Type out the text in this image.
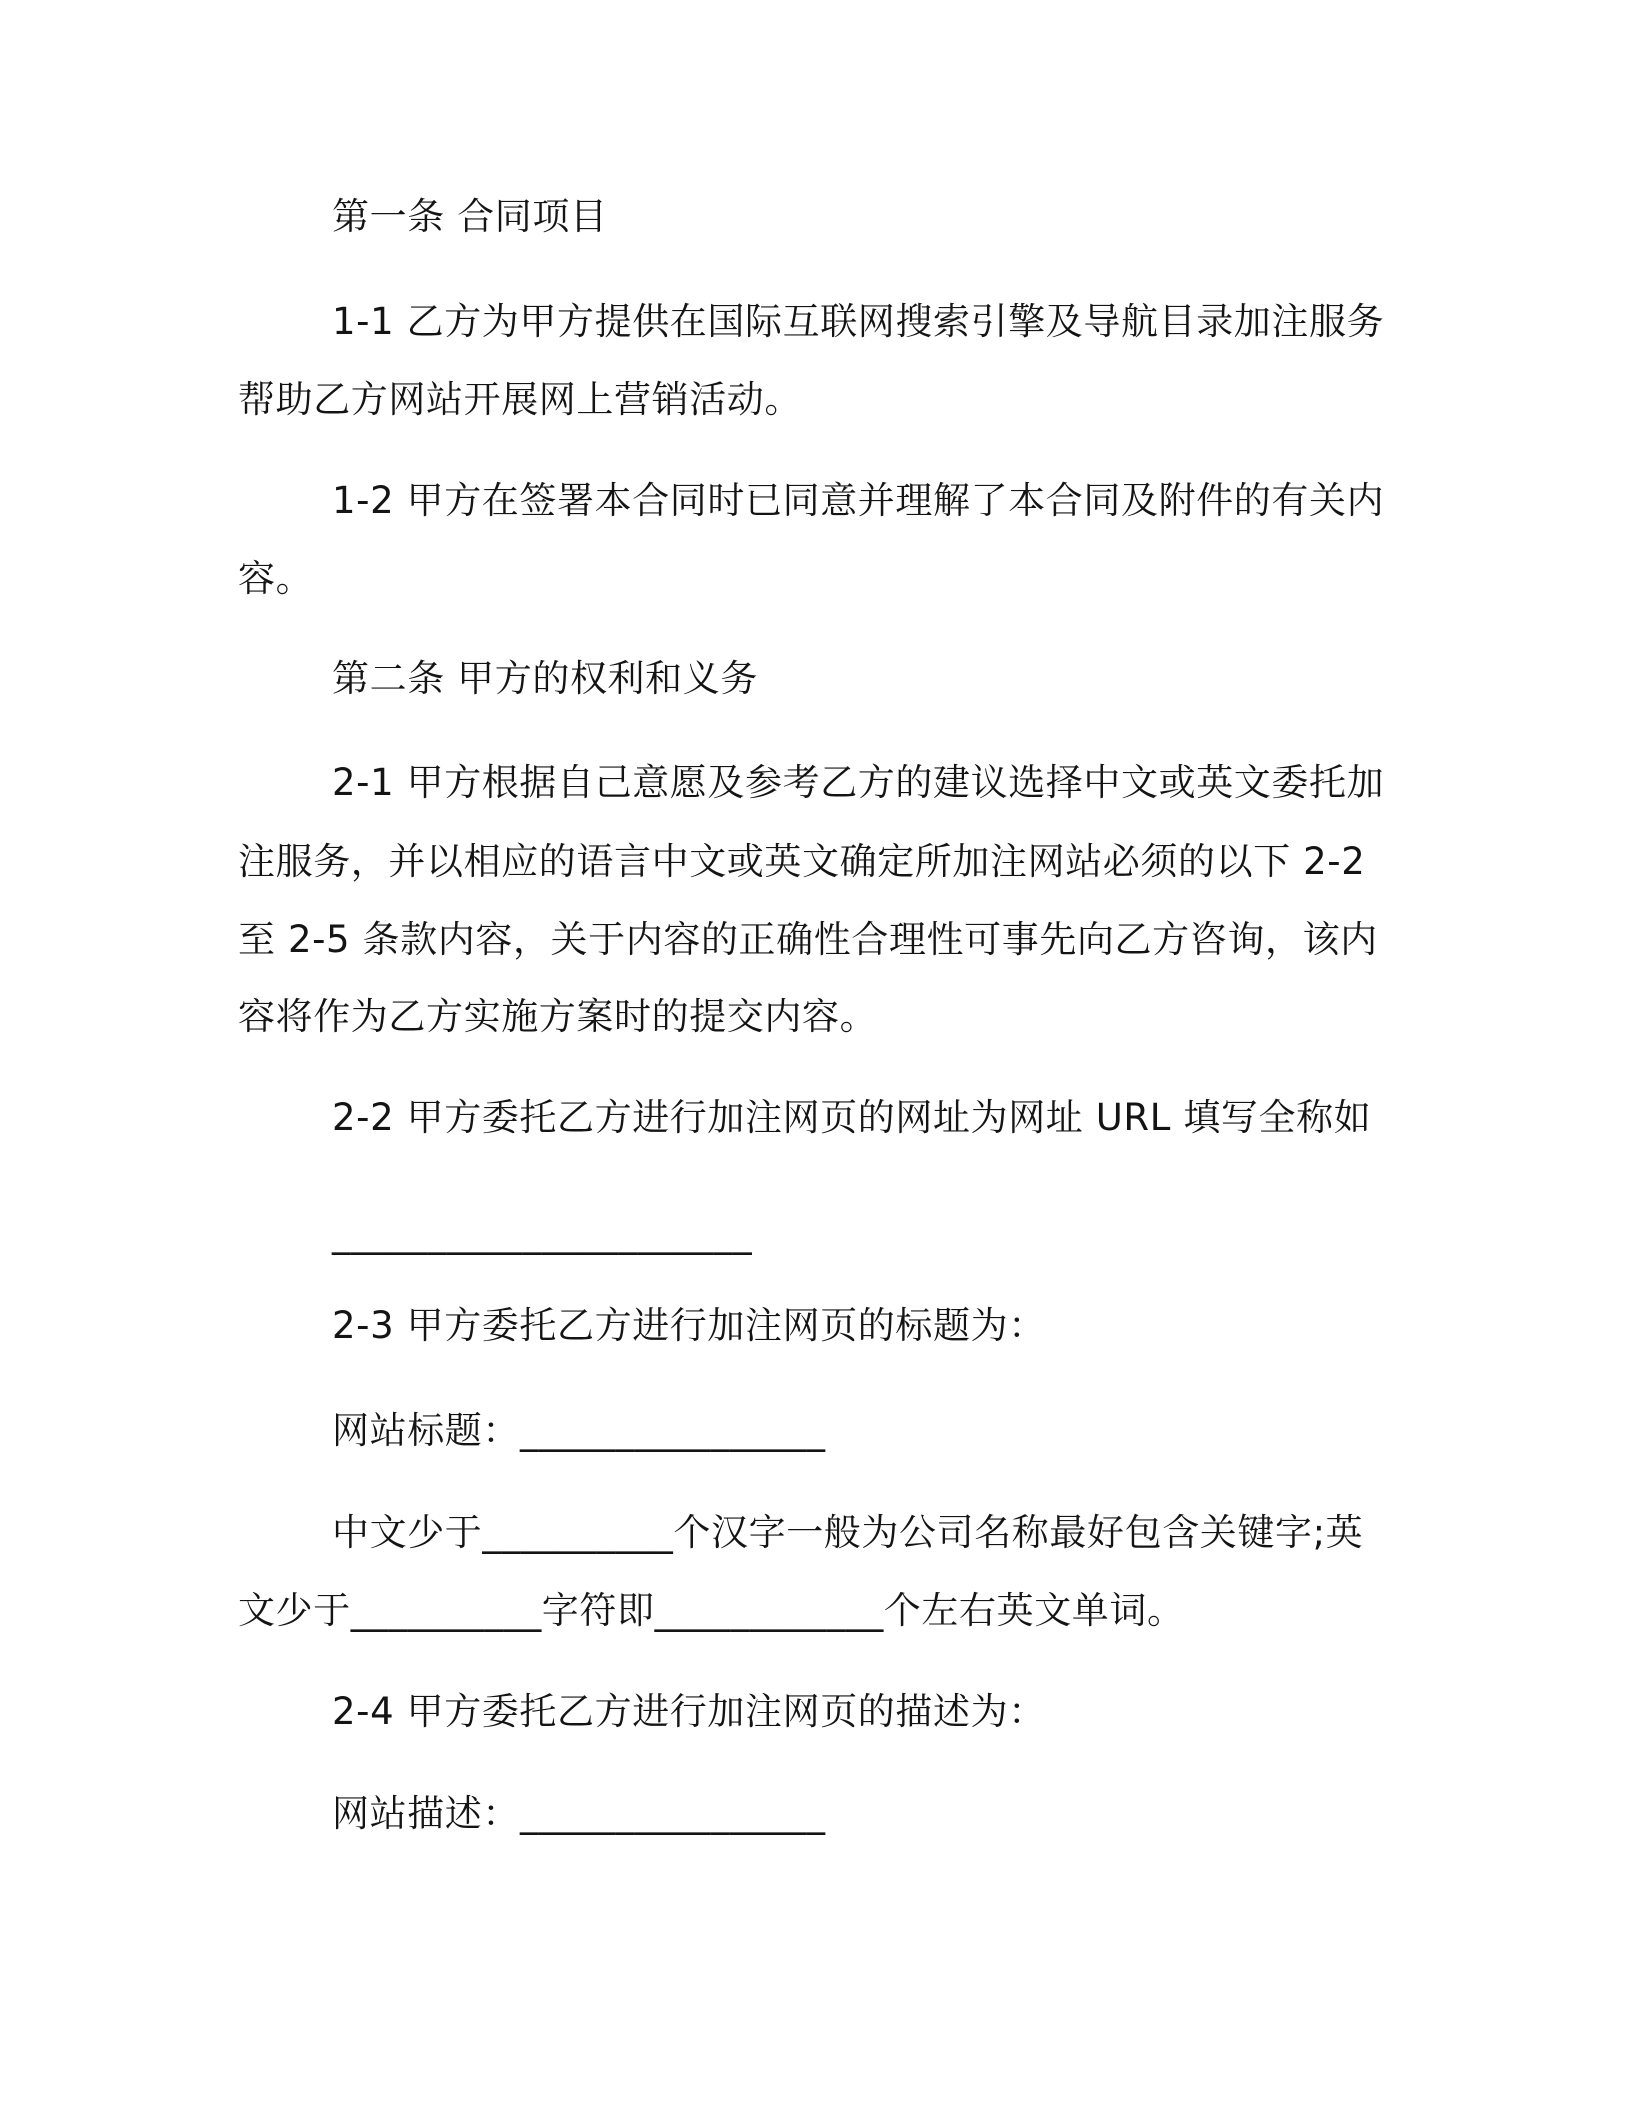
第一条 合同项目

1-1 乙方为甲方提供在国际互联网搜索引擎及导航目录加注服务

帮助乙方网站开展网上营销活动。

1-2 甲方在签署本合同时已同意并理解了本合同及附件的有关内

容。

第二条 甲方的权利和义务

2-1 甲方根据自己意愿及参考乙方的建议选择中文或英文委托加

注服务，并以相应的语言中文或英文确定所加注网站必须的以下 2-2

至 2-5 条款内容，关于内容的正确性合理性可事先向乙方咨询，该内

容将作为乙方实施方案时的提交内容。

2-2 甲方委托乙方进行加注网页的网址为网址 URL 填写全称如

______________________

2-3 甲方委托乙方进行加注网页的标题为：

网站标题：________________

中文少于__________个汉字一般为公司名称最好包含关键字;英

文少于__________字符即____________个左右英文单词。

2-4 甲方委托乙方进行加注网页的描述为：

网站描述：________________
